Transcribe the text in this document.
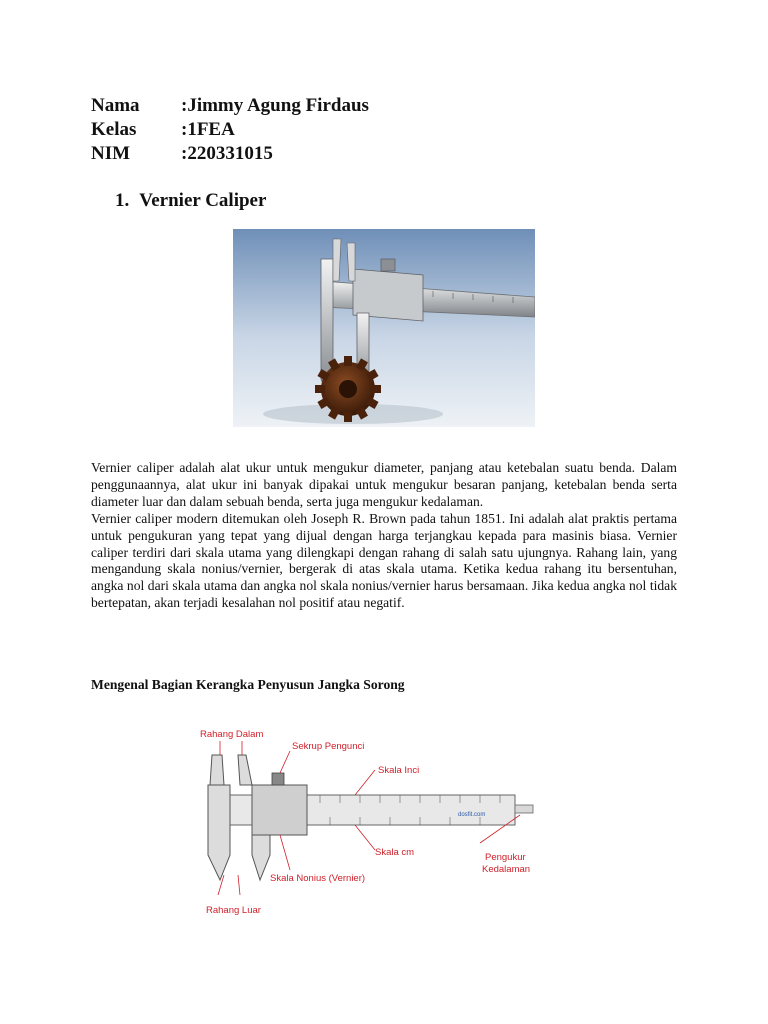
Nama	:Jimmy Agung Firdaus
Kelas	:1FEA
NIM	:220331015
1. Vernier Caliper

Vernier caliper adalah alat ukur untuk mengukur diameter, panjang atau ketebalan suatu benda. Dalam penggunaannya, alat ukur ini banyak dipakai untuk mengukur besaran panjang, ketebalan benda serta diameter luar dan dalam sebuah benda, serta juga mengukur kedalaman.

Vernier caliper modern ditemukan oleh Joseph R. Brown pada tahun 1851. Ini adalah alat praktis pertama untuk pengukuran yang tepat yang dijual dengan harga terjangkau kepada para masinis biasa. Vernier caliper terdiri dari skala utama yang dilengkapi dengan rahang di salah satu ujungnya. Rahang lain, yang mengandung skala nonius/vernier, bergerak di atas skala utama. Ketika kedua rahang itu bersentuhan, angka nol dari skala utama dan angka nol skala nonius/vernier harus bersamaan. Jika kedua angka nol tidak bertepatan, akan terjadi kesalahan nol positif atau negatif.

Mengenal Bagian Kerangka Penyusun Jangka Sorong
dosfit.com
Rahang Dalam
Sekrup Pengunci
Skala Inci
Skala cm	Pengukur
Kedalaman
Skala Nonius (Vernier)
Rahang Luar
